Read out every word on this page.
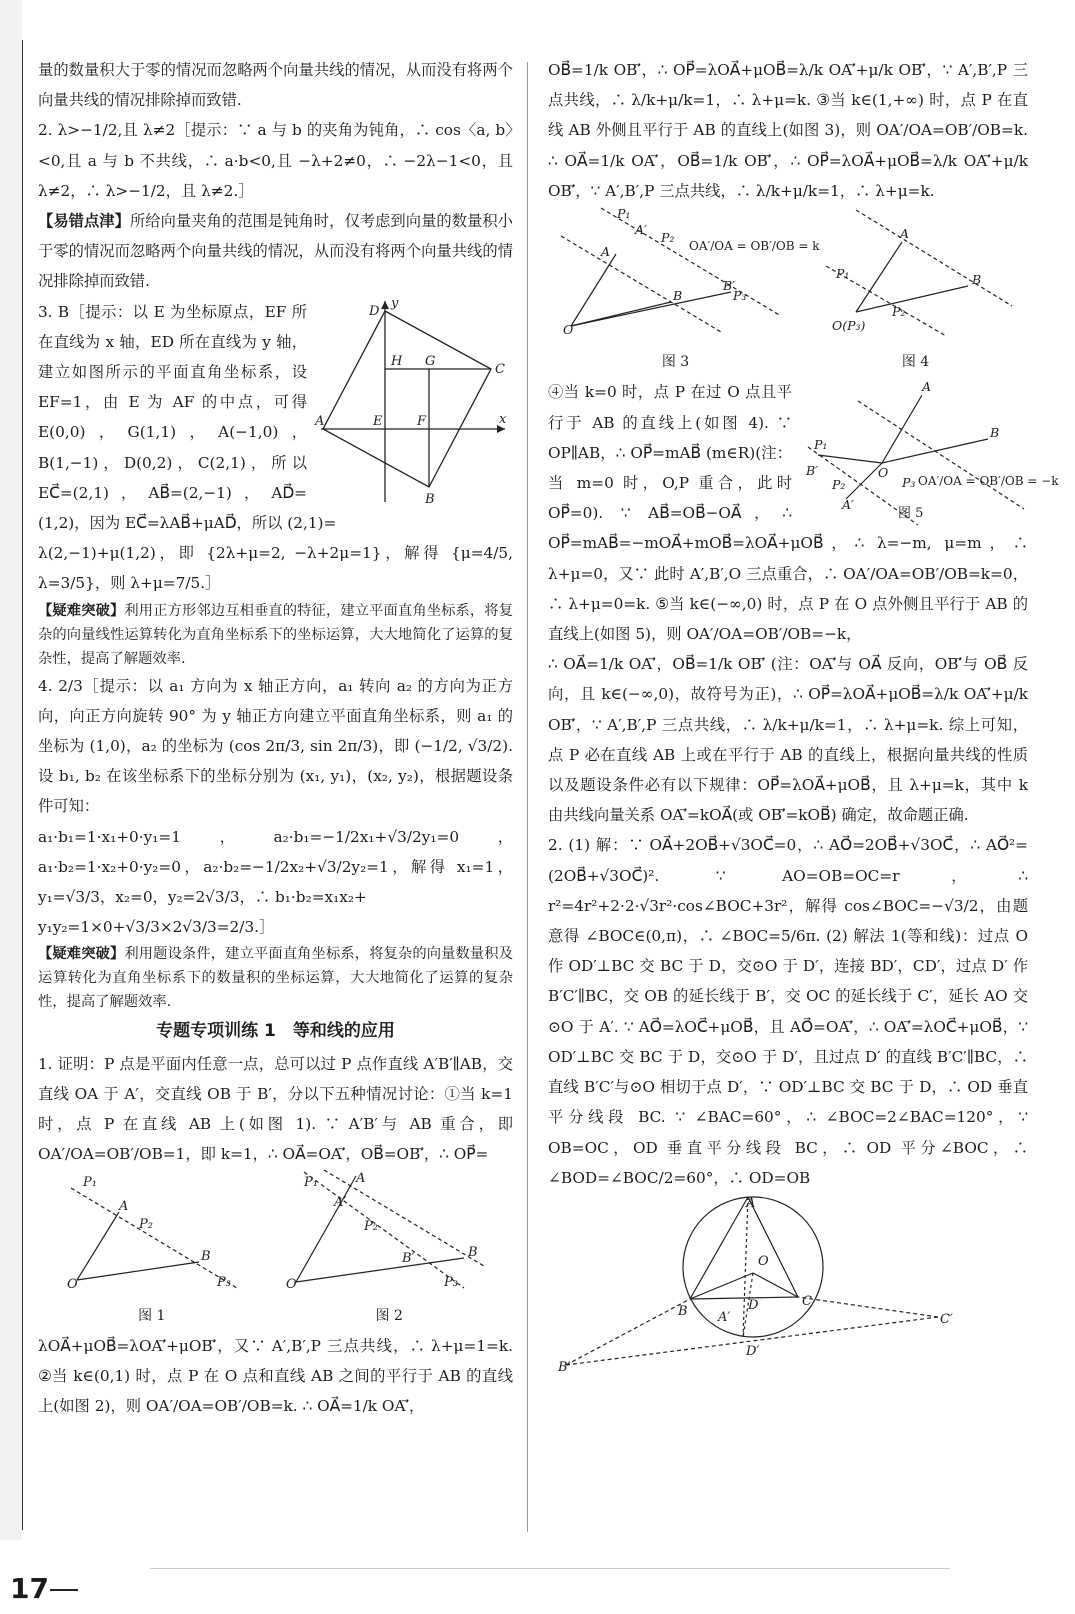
量的数量积大于零的情况而忽略两个向量共线的情况，从而没有将两个向量共线的情况排除掉而致错.

2. λ>−1/2,且 λ≠2［提示：∵ a 与 b 的夹角为钝角，∴ cos〈a, b〉<0,且 a 与 b 不共线，∴ a·b<0,且 −λ+2≠0，∴ −2λ−1<0，且 λ≠2，∴ λ>−1/2，且 λ≠2.］

【易错点津】所给向量夹角的范围是钝角时，仅考虑到向量的数量积小于零的情况而忽略两个向量共线的情况，从而没有将两个向量共线的情况排除掉而致错.

D
H G
C
A	E	F
B
x
y

3. B［提示：以 E 为坐标原点，EF 所在直线为 x 轴，ED 所在直线为 y 轴，建立如图所示的平面直角坐标系，设 EF=1，由 E 为 AF 的中点，可得 E(0,0)，G(1,1)，A(−1,0)，B(1,−1)，D(0,2)，C(2,1)，所以 EC⃗=(2,1)，AB⃗=(2,−1)，AD⃗=(1,2)，因为 EC⃗=λAB⃗+μAD⃗，所以 (2,1)=

λ(2,−1)+μ(1,2)，即 {2λ+μ=2, −λ+2μ=1}，解得 {μ=4/5, λ=3/5}，则 λ+μ=7/5.］

【疑难突破】利用正方形邻边互相垂直的特征，建立平面直角坐标系，将复杂的向量线性运算转化为直角坐标系下的坐标运算，大大地简化了运算的复杂性，提高了解题效率.

4. 2/3［提示：以 a₁ 方向为 x 轴正方向，a₁ 转向 a₂ 的方向为正方向，向正方向旋转 90° 为 y 轴正方向建立平面直角坐标系，则 a₁ 的坐标为 (1,0)，a₂ 的坐标为 (cos 2π/3, sin 2π/3)，即 (−1/2, √3/2). 设 b₁, b₂ 在该坐标系下的坐标分别为 (x₁, y₁)，(x₂, y₂)，根据题设条件可知：

a₁·b₁=1·x₁+0·y₁=1，a₂·b₁=−1/2x₁+√3/2y₁=0，a₁·b₂=1·x₂+0·y₂=0，a₂·b₂=−1/2x₂+√3/2y₂=1，解得 x₁=1，y₁=√3/3，x₂=0，y₂=2√3/3，∴ b₁·b₂=x₁x₂+

y₁y₂=1×0+√3/3×2√3/3=2/3.］

【疑难突破】利用题设条件，建立平面直角坐标系，将复杂的向量数量积及运算转化为直角坐标系下的数量积的坐标运算，大大地简化了运算的复杂性，提高了解题效率.

专题专项训练 1　等和线的应用

1. 证明：P 点是平面内任意一点，总可以过 P 点作直线 A′B′∥AB，交直线 OA 于 A′，交直线 OB 于 B′，分以下五种情况讨论：①当 k=1 时，点 P 在直线 AB 上(如图 1). ∵ A′B′与 AB 重合，即 OA′/OA=OB′/OB=1，即 k=1，∴ OA⃗=OA′⃗，OB⃗=OB′⃗，∴ OP⃗=

O
A
B
P₁
P₂
P₃
图 1
O
A
A′
B
B′
P₁
P₂
P₃
图 2

λOA⃗+μOB⃗=λOA′⃗+μOB′⃗，又∵ A′,B′,P 三点共线，∴ λ+μ=1=k. ②当 k∈(0,1) 时，点 P 在 O 点和直线 AB 之间的平行于 AB 的直线上(如图 2)，则 OA′/OA=OB′/OB=k. ∴ OA⃗=1/k OA′⃗，

OB⃗=1/k OB′⃗，∴ OP⃗=λOA⃗+μOB⃗=λ/k OA′⃗+μ/k OB′⃗，∵ A′,B′,P 三点共线，∴ λ/k+μ/k=1，∴ λ+μ=k. ③当 k∈(1,+∞) 时，点 P 在直线 AB 外侧且平行于 AB 的直线上(如图 3)，则 OA′/OA=OB′/OB=k. ∴ OA⃗=1/k OA′⃗，OB⃗=1/k OB′⃗，∴ OP⃗=λOA⃗+μOB⃗=λ/k OA′⃗+μ/k OB′⃗，∵ A′,B′,P 三点共线，∴ λ/k+μ/k=1，∴ λ+μ=k.

O
A
A′
B
B′
P₁
P₂
P₃
OA′/OA = OB′/OB = k
图 3
O(P₃)
A
B
P₁
P₂
图 4
O
A
B
B′
A′
P₁
P₂	P₃ OA′/OA = OB′/OB = −k
图 5

④当 k=0 时，点 P 在过 O 点且平行于 AB 的直线上(如图 4). ∵ OP∥AB，∴ OP⃗=mAB⃗ (m∈R)(注：当 m=0 时，O,P 重合，此时 OP⃗=0). ∵ AB⃗=OB⃗−OA⃗，∴ OP⃗=mAB⃗=−mOA⃗+mOB⃗=λOA⃗+μOB⃗，∴ λ=−m, μ=m，∴ λ+μ=0，又∵ 此时 A′,B′,O 三点重合，∴ OA′/OA=OB′/OB=k=0，∴ λ+μ=0=k. ⑤当 k∈(−∞,0) 时，点 P 在 O 点外侧且平行于 AB 的直线上(如图 5)，则 OA′/OA=OB′/OB=−k，

∴ OA⃗=1/k OA′⃗，OB⃗=1/k OB′⃗ (注：OA′⃗与 OA⃗ 反向，OB′⃗与 OB⃗ 反向，且 k∈(−∞,0)，故符号为正)，∴ OP⃗=λOA⃗+μOB⃗=λ/k OA′⃗+μ/k OB′⃗，∵ A′,B′,P 三点共线，∴ λ/k+μ/k=1，∴ λ+μ=k. 综上可知，点 P 必在直线 AB 上或在平行于 AB 的直线上，根据向量共线的性质以及题设条件必有以下规律：OP⃗=λOA⃗+μOB⃗，且 λ+μ=k，其中 k 由共线向量关系 OA′⃗=kOA⃗(或 OB′⃗=kOB⃗) 确定，故命题正确.

2. (1) 解：∵ OA⃗+2OB⃗+√3OC⃗=0，∴ AO⃗=2OB⃗+√3OC⃗，∴ AO⃗²=(2OB⃗+√3OC⃗)². ∵ AO=OB=OC=r，∴ r²=4r²+2·2·√3r²·cos∠BOC+3r²，解得 cos∠BOC=−√3/2，由题意得 ∠BOC∈(0,π)，∴ ∠BOC=5/6π. (2) 解法 1(等和线)：过点 O 作 OD′⊥BC 交 BC 于 D，交⊙O 于 D′，连接 BD′，CD′，过点 D′ 作 B′C′∥BC，交 OB 的延长线于 B′，交 OC 的延长线于 C′，延长 AO 交⊙O 于 A′. ∵ AO⃗=λOC⃗+μOB⃗，且 AO⃗=OA′⃗，∴ OA′⃗=λOC⃗+μOB⃗，∵ OD′⊥BC 交 BC 于 D，交⊙O 于 D′，且过点 D′ 的直线 B′C′∥BC，∴ 直线 B′C′与⊙O 相切于点 D′，∵ OD′⊥BC 交 BC 于 D，∴ OD 垂直平分线段 BC. ∵ ∠BAC=60°，∴ ∠BOC=2∠BAC=120°，∵ OB=OC，OD 垂直平分线段 BC，∴ OD 平分∠BOC，∴ ∠BOD=∠BOC/2=60°，∴ OD=OB

A
O
B
C
D
A′
D′
B′
C′
17
